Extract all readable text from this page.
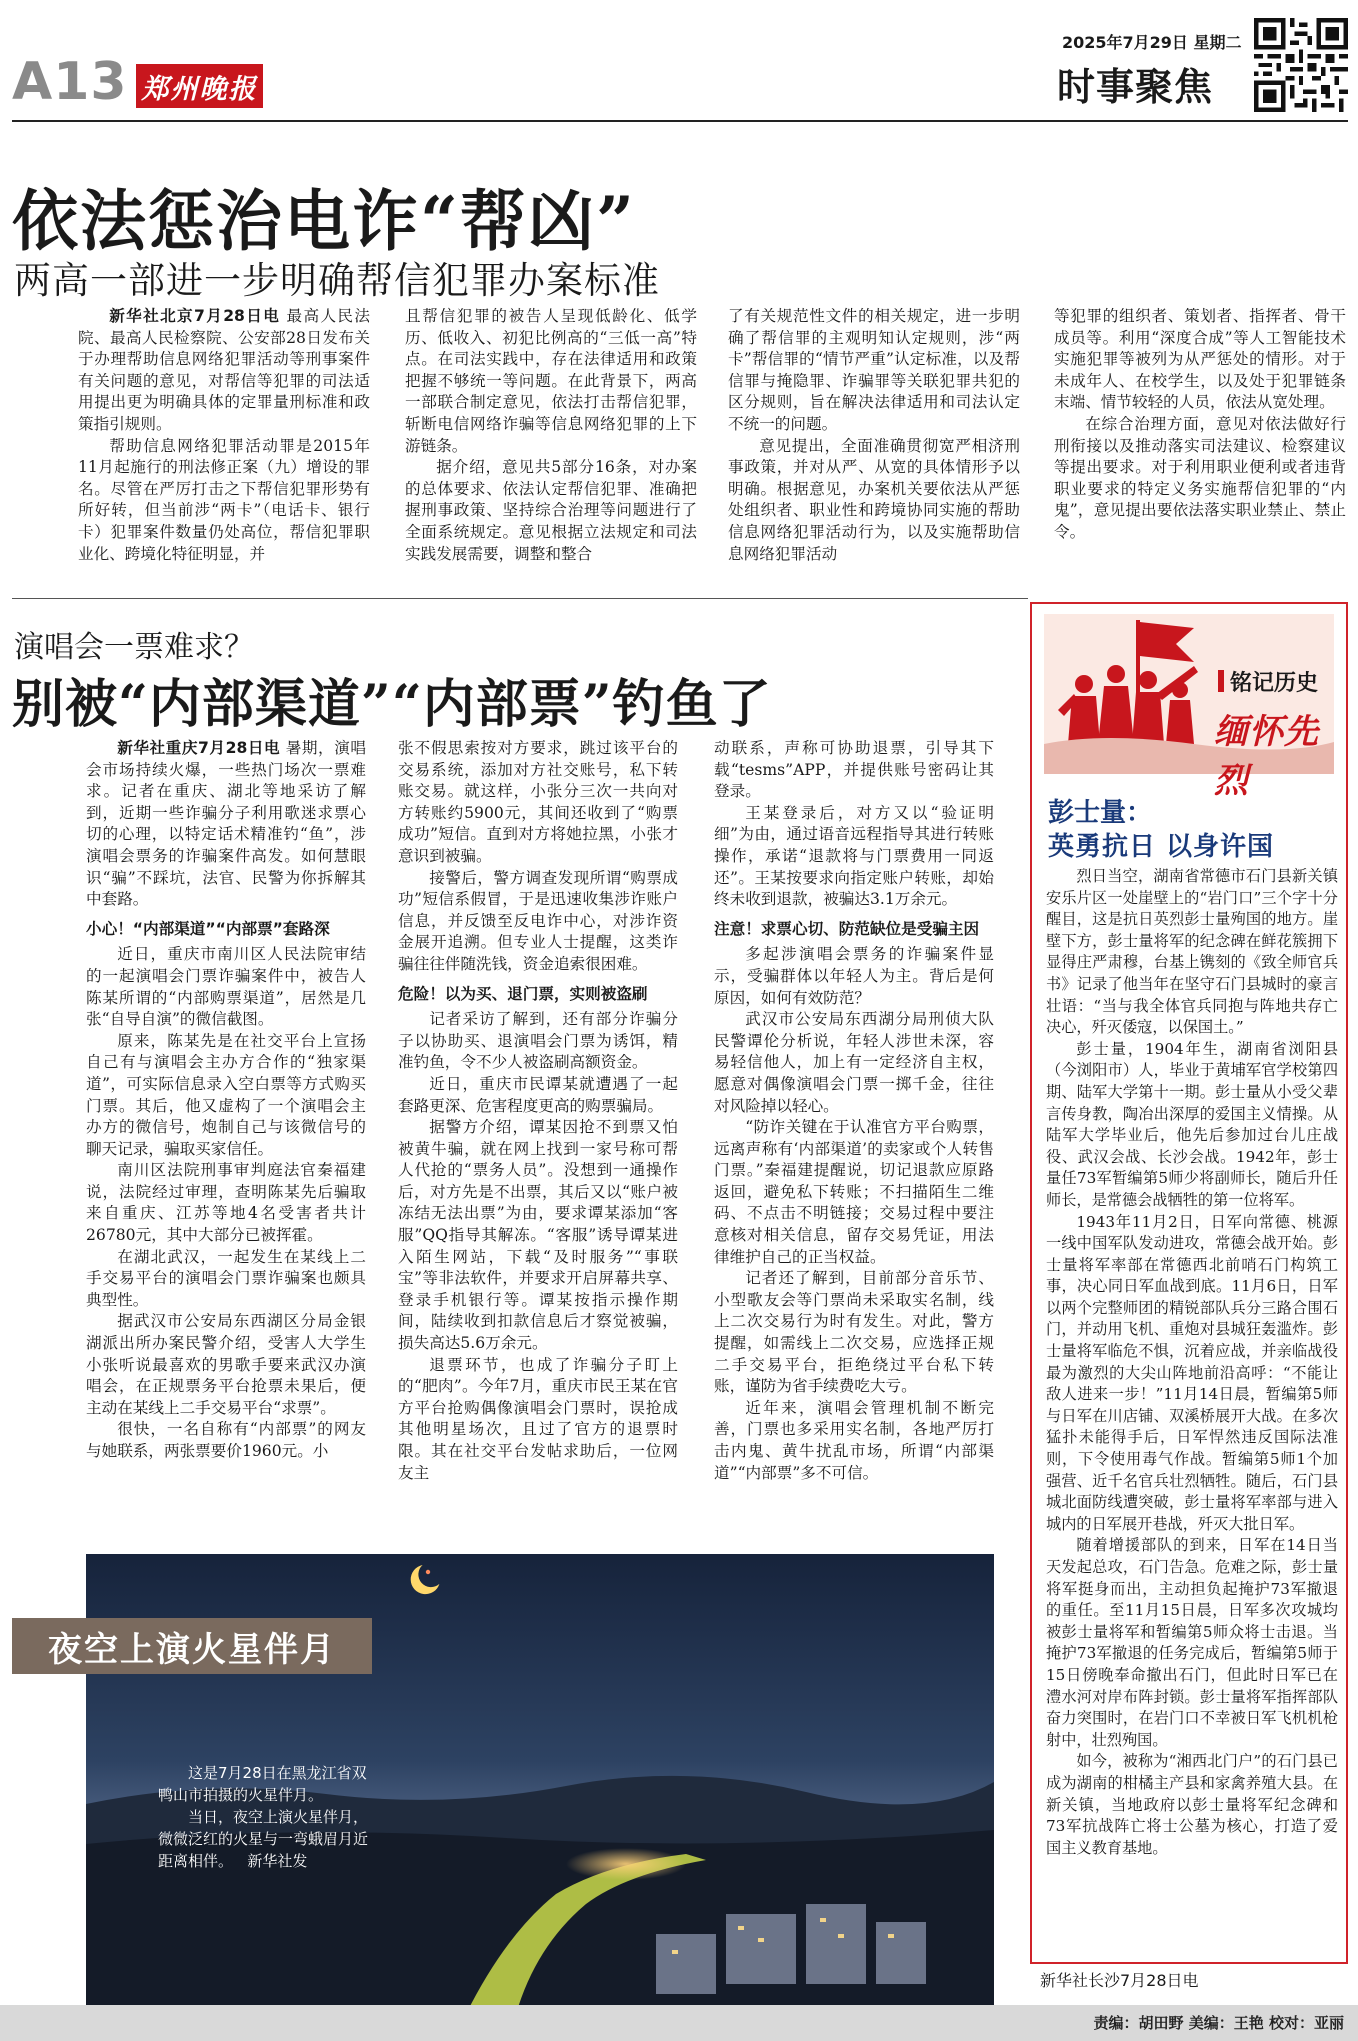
A13 郑州晚报
2025年7月29日 星期二
时事聚焦
依法惩治电诈“帮凶”
两高一部进一步明确帮信犯罪办案标准

新华社北京7月28日电 最高人民法院、最高人民检察院、公安部28日发布关于办理帮助信息网络犯罪活动等刑事案件有关问题的意见，对帮信等犯罪的司法适用提出更为明确具体的定罪量刑标准和政策指引规则。

帮助信息网络犯罪活动罪是2015年11月起施行的刑法修正案（九）增设的罪名。尽管在严厉打击之下帮信犯罪形势有所好转，但当前涉“两卡”（电话卡、银行卡）犯罪案件数量仍处高位，帮信犯罪职业化、跨境化特征明显，并

且帮信犯罪的被告人呈现低龄化、低学历、低收入、初犯比例高的“三低一高”特点。在司法实践中，存在法律适用和政策把握不够统一等问题。在此背景下，两高一部联合制定意见，依法打击帮信犯罪，斩断电信网络诈骗等信息网络犯罪的上下游链条。

据介绍，意见共5部分16条，对办案的总体要求、依法认定帮信犯罪、准确把握刑事政策、坚持综合治理等问题进行了全面系统规定。意见根据立法规定和司法实践发展需要，调整和整合

了有关规范性文件的相关规定，进一步明确了帮信罪的主观明知认定规则，涉“两卡”帮信罪的“情节严重”认定标准，以及帮信罪与掩隐罪、诈骗罪等关联犯罪共犯的区分规则，旨在解决法律适用和司法认定不统一的问题。

意见提出，全面准确贯彻宽严相济刑事政策，并对从严、从宽的具体情形予以明确。根据意见，办案机关要依法从严惩处组织者、职业性和跨境协同实施的帮助信息网络犯罪活动行为，以及实施帮助信息网络犯罪活动

等犯罪的组织者、策划者、指挥者、骨干成员等。利用“深度合成”等人工智能技术实施犯罪等被列为从严惩处的情形。对于未成年人、在校学生，以及处于犯罪链条末端、情节较轻的人员，依法从宽处理。

在综合治理方面，意见对依法做好行刑衔接以及推动落实司法建议、检察建议等提出要求。对于利用职业便利或者违背职业要求的特定义务实施帮信犯罪的“内鬼”，意见提出要依法落实职业禁止、禁止令。

演唱会一票难求？
别被“内部渠道”“内部票”钓鱼了

新华社重庆7月28日电 暑期，演唱会市场持续火爆，一些热门场次一票难求。记者在重庆、湖北等地采访了解到，近期一些诈骗分子利用歌迷求票心切的心理，以特定话术精准钓“鱼”，涉演唱会票务的诈骗案件高发。如何慧眼识“骗”不踩坑，法官、民警为你拆解其中套路。

小心！“内部渠道”“内部票”套路深

近日，重庆市南川区人民法院审结的一起演唱会门票诈骗案件中，被告人陈某所谓的“内部购票渠道”，居然是几张“自导自演”的微信截图。

原来，陈某先是在社交平台上宣扬自己有与演唱会主办方合作的“独家渠道”，可实际信息录入空白票等方式购买门票。其后，他又虚构了一个演唱会主办方的微信号，炮制自己与该微信号的聊天记录，骗取买家信任。

南川区法院刑事审判庭法官秦福建说，法院经过审理，查明陈某先后骗取来自重庆、江苏等地4名受害者共计26780元，其中大部分已被挥霍。

在湖北武汉，一起发生在某线上二手交易平台的演唱会门票诈骗案也颇具典型性。

据武汉市公安局东西湖区分局金银湖派出所办案民警介绍，受害人大学生小张听说最喜欢的男歌手要来武汉办演唱会，在正规票务平台抢票未果后，便主动在某线上二手交易平台“求票”。

很快，一名自称有“内部票”的网友与她联系，两张票要价1960元。小

张不假思索按对方要求，跳过该平台的交易系统，添加对方社交账号，私下转账交易。就这样，小张分三次一共向对方转账约5900元，其间还收到了“购票成功”短信。直到对方将她拉黑，小张才意识到被骗。

接警后，警方调查发现所谓“购票成功”短信系假冒，于是迅速收集涉诈账户信息，并反馈至反电诈中心，对涉诈资金展开追溯。但专业人士提醒，这类诈骗往往伴随洗钱，资金追索很困难。

危险！以为买、退门票，实则被盗刷

记者采访了解到，还有部分诈骗分子以协助买、退演唱会门票为诱饵，精准钓鱼，令不少人被盗刷高额资金。

近日，重庆市民谭某就遭遇了一起套路更深、危害程度更高的购票骗局。

据警方介绍，谭某因抢不到票又怕被黄牛骗，就在网上找到一家号称可帮人代抢的“票务人员”。没想到一通操作后，对方先是不出票，其后又以“账户被冻结无法出票”为由，要求谭某添加“客服”QQ指导其解冻。“客服”诱导谭某进入陌生网站，下载“及时服务”“事联宝”等非法软件，并要求开启屏幕共享、登录手机银行等。谭某按指示操作期间，陆续收到扣款信息后才察觉被骗，损失高达5.6万余元。

退票环节，也成了诈骗分子盯上的“肥肉”。今年7月，重庆市民王某在官方平台抢购偶像演唱会门票时，误抢成其他明星场次，且过了官方的退票时限。其在社交平台发帖求助后，一位网友主

动联系，声称可协助退票，引导其下载“tesms”APP，并提供账号密码让其登录。

王某登录后，对方又以“验证明细”为由，通过语音远程指导其进行转账操作，承诺“退款将与门票费用一同返还”。王某按要求向指定账户转账，却始终未收到退款，被骗达3.1万余元。

注意！求票心切、防范缺位是受骗主因

多起涉演唱会票务的诈骗案件显示，受骗群体以年轻人为主。背后是何原因，如何有效防范？

武汉市公安局东西湖分局刑侦大队民警谭伦分析说，年轻人涉世未深，容易轻信他人，加上有一定经济自主权，愿意对偶像演唱会门票一掷千金，往往对风险掉以轻心。

“防诈关键在于认准官方平台购票，远离声称有‘内部渠道’的卖家或个人转售门票。”秦福建提醒说，切记退款应原路返回，避免私下转账；不扫描陌生二维码、不点击不明链接；交易过程中要注意核对相关信息，留存交易凭证，用法律维护自己的正当权益。

记者还了解到，目前部分音乐节、小型歌友会等门票尚未采取实名制，线上二次交易行为时有发生。对此，警方提醒，如需线上二次交易，应选择正规二手交易平台，拒绝绕过平台私下转账，谨防为省手续费吃大亏。

近年来，演唱会管理机制不断完善，门票也多采用实名制，各地严厉打击内鬼、黄牛扰乱市场，所谓“内部渠道”“内部票”多不可信。

夜空上演火星伴月
这是7月28日在黑龙江省双鸭山市拍摄的火星伴月。
当日，夜空上演火星伴月，微微泛红的火星与一弯蛾眉月近距离相伴。 新华社发
铭记历史
缅怀先烈
彭士量：
英勇抗日 以身许国

烈日当空，湖南省常德市石门县新关镇安乐片区一处崖壁上的“岩门口”三个字十分醒目，这是抗日英烈彭士量殉国的地方。崖壁下方，彭士量将军的纪念碑在鲜花簇拥下显得庄严肃穆，台基上镌刻的《致全师官兵书》记录了他当年在坚守石门县城时的豪言壮语：“当与我全体官兵同抱与阵地共存亡决心，歼灭倭寇，以保国土。”

彭士量，1904年生，湖南省浏阳县（今浏阳市）人，毕业于黄埔军官学校第四期、陆军大学第十一期。彭士量从小受父辈言传身教，陶冶出深厚的爱国主义情操。从陆军大学毕业后，他先后参加过台儿庄战役、武汉会战、长沙会战。1942年，彭士量任73军暂编第5师少将副师长，随后升任师长，是常德会战牺牲的第一位将军。

1943年11月2日，日军向常德、桃源一线中国军队发动进攻，常德会战开始。彭士量将军率部在常德西北前哨石门构筑工事，决心同日军血战到底。11月6日，日军以两个完整师团的精锐部队兵分三路合围石门，并动用飞机、重炮对县城狂轰滥炸。彭士量将军临危不惧，沉着应战，并亲临战役最为激烈的大尖山阵地前沿高呼：“不能让敌人进来一步！”11月14日晨，暂编第5师与日军在川店铺、双溪桥展开大战。在多次猛扑未能得手后，日军悍然违反国际法准则，下令使用毒气作战。暂编第5师1个加强营、近千名官兵壮烈牺牲。随后，石门县城北面防线遭突破，彭士量将军率部与进入城内的日军展开巷战，歼灭大批日军。

随着增援部队的到来，日军在14日当天发起总攻，石门告急。危难之际，彭士量将军挺身而出，主动担负起掩护73军撤退的重任。至11月15日晨，日军多次攻城均被彭士量将军和暂编第5师众将士击退。当掩护73军撤退的任务完成后，暂编第5师于15日傍晚奉命撤出石门，但此时日军已在澧水河对岸布阵封锁。彭士量将军指挥部队奋力突围时，在岩门口不幸被日军飞机机枪射中，壮烈殉国。

如今，被称为“湘西北门户”的石门县已成为湖南的柑橘主产县和家禽养殖大县。在新关镇，当地政府以彭士量将军纪念碑和73军抗战阵亡将士公墓为核心，打造了爱国主义教育基地。

新华社长沙7月28日电
责编：胡田野 美编：王艳 校对：亚丽
